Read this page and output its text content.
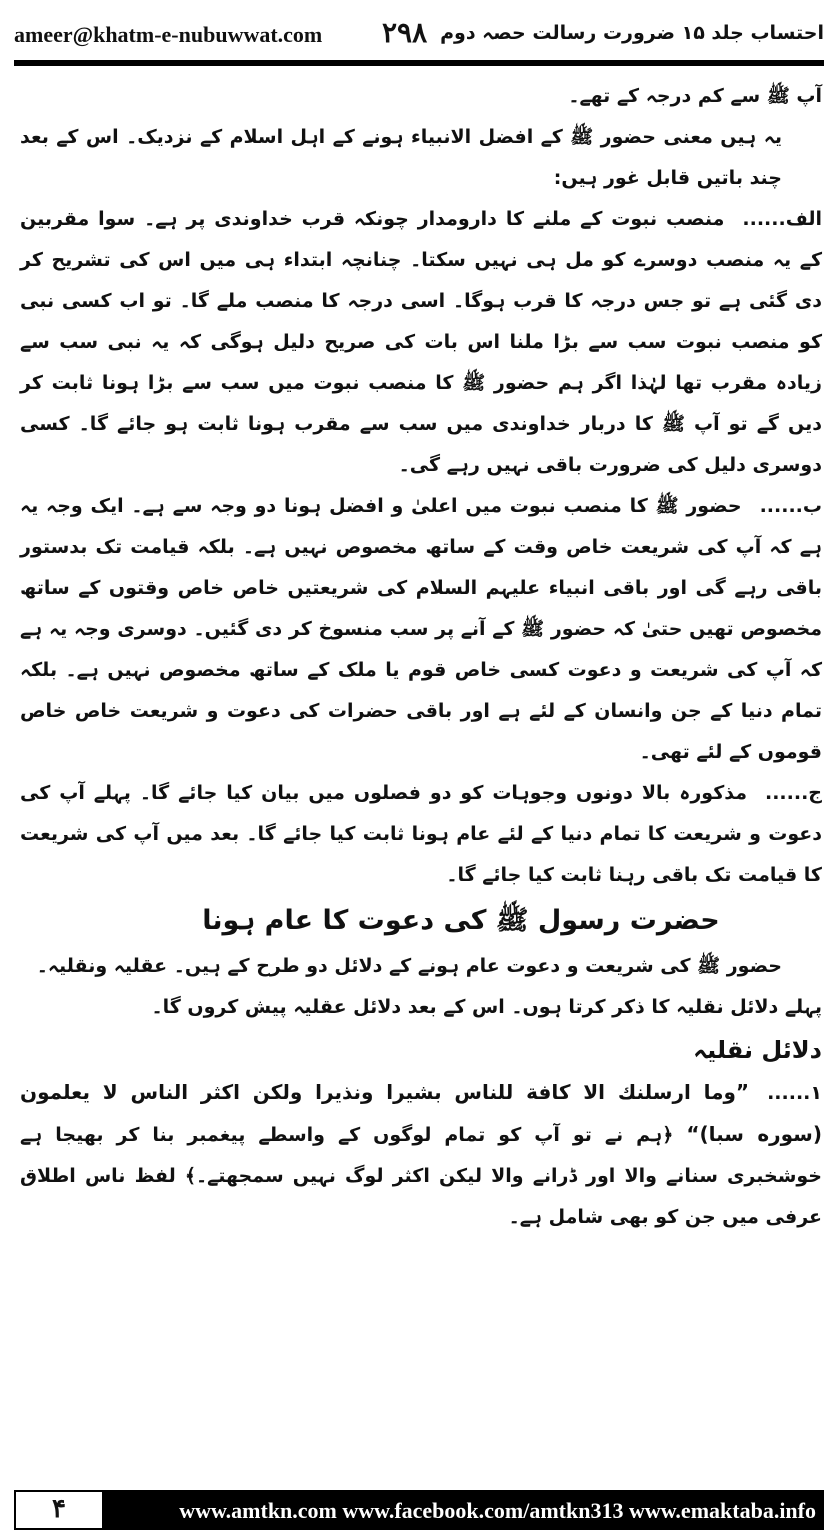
ameer@khatm-e-nubuwwat.com ۲۹۸ احتساب جلد ۱۵ ضرورت رسالت حصہ دوم

آپ ﷺ سے کم درجہ کے تھے۔

یہ ہیں معنی حضور ﷺ کے افضل الانبیاء ہونے کے اہل اسلام کے نزدیک۔ اس کے بعد چند باتیں قابل غور ہیں:

الف......منصب نبوت کے ملنے کا دارومدار چونکہ قرب خداوندی پر ہے۔ سوا مقربین کے یہ منصب دوسرے کو مل ہی نہیں سکتا۔ چنانچہ ابتداء ہی میں اس کی تشریح کر دی گئی ہے تو جس درجہ کا قرب ہوگا۔ اسی درجہ کا منصب ملے گا۔ تو اب کسی نبی کو منصب نبوت سب سے بڑا ملنا اس بات کی صریح دلیل ہوگی کہ یہ نبی سب سے زیادہ مقرب تھا لہٰذا اگر ہم حضور ﷺ کا منصب نبوت میں سب سے بڑا ہونا ثابت کر دیں گے تو آپ ﷺ کا دربار خداوندی میں سب سے مقرب ہونا ثابت ہو جائے گا۔ کسی دوسری دلیل کی ضرورت باقی نہیں رہے گی۔

ب......حضور ﷺ کا منصب نبوت میں اعلیٰ و افضل ہونا دو وجہ سے ہے۔ ایک وجہ یہ ہے کہ آپ کی شریعت خاص وقت کے ساتھ مخصوص نہیں ہے۔ بلکہ قیامت تک بدستور باقی رہے گی اور باقی انبیاء علیہم السلام کی شریعتیں خاص خاص وقتوں کے ساتھ مخصوص تھیں حتیٰ کہ حضور ﷺ کے آنے پر سب منسوخ کر دی گئیں۔ دوسری وجہ یہ ہے کہ آپ کی شریعت و دعوت کسی خاص قوم یا ملک کے ساتھ مخصوص نہیں ہے۔ بلکہ تمام دنیا کے جن وانسان کے لئے ہے اور باقی حضرات کی دعوت و شریعت خاص خاص قوموں کے لئے تھی۔

ج......مذکورہ بالا دونوں وجوہات کو دو فصلوں میں بیان کیا جائے گا۔ پہلے آپ کی دعوت و شریعت کا تمام دنیا کے لئے عام ہونا ثابت کیا جائے گا۔ بعد میں آپ کی شریعت کا قیامت تک باقی رہنا ثابت کیا جائے گا۔

حضرت رسول ﷺ کی دعوت کا عام ہونا

حضور ﷺ کی شریعت و دعوت عام ہونے کے دلائل دو طرح کے ہیں۔ عقلیہ ونقلیہ۔

پہلے دلائل نقلیہ کا ذکر کرتا ہوں۔ اس کے بعد دلائل عقلیہ پیش کروں گا۔

دلائل نقلیہ

۱......”وما ارسلنك الا كافة للناس بشيرا ونذيرا ولكن اكثر الناس لا يعلمون (سوره سبا)“ ﴿ہم نے تو آپ کو تمام لوگوں کے واسطے پیغمبر بنا کر بھیجا ہے خوشخبری سنانے والا اور ڈرانے والا لیکن اکثر لوگ نہیں سمجھتے۔﴾ لفظ ناس اطلاق عرفی میں جن کو بھی شامل ہے۔

۴	www.amtkn.com www.facebook.com/amtkn313 www.emaktaba.info
